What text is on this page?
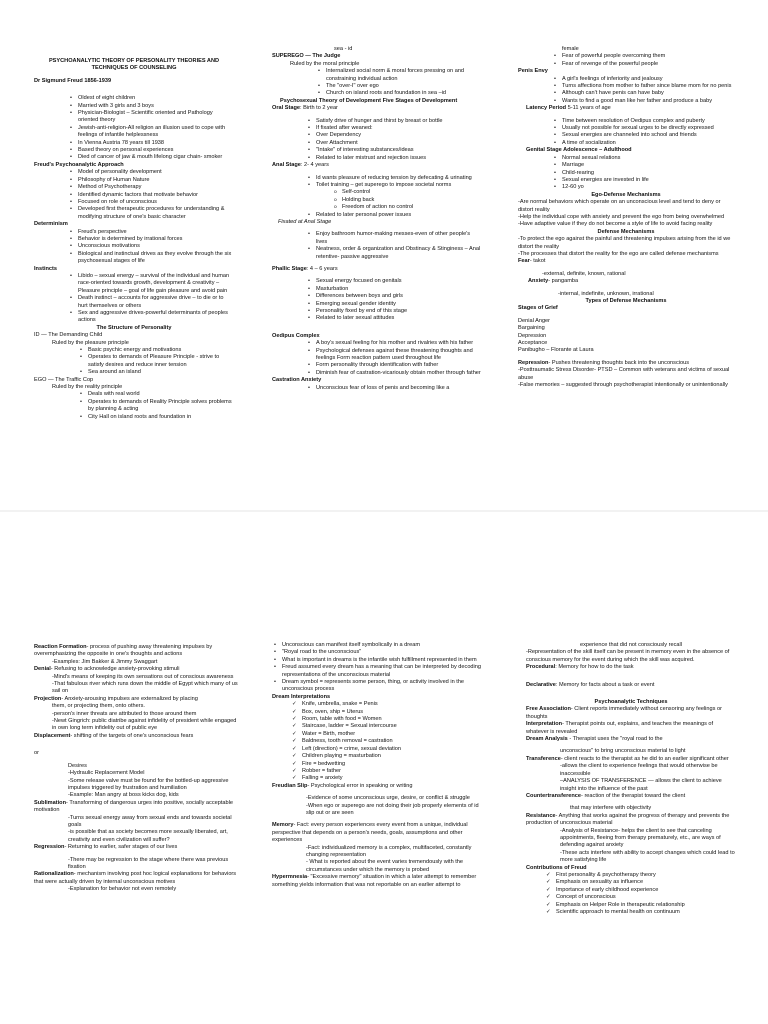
PSYCHOANALYTIC THEORY OF PERSONALITY THEORIES AND TECHNIQUES OF COUNSELING
Dr Sigmund Freud 1856-1939
• Oldest of eight children
• Married with 3 girls and 3 boys
• Physician-Biologist – Scientific oriented and Pathology oriented theory
• Jewish-anti-religion-All religion an illusion used to cope with feelings of infantile helplessness
• In Vienna Austria 78 years till 1938
• Based theory on personal experiences
• Died of cancer of jaw & mouth lifelong cigar chain- smoker
Freud's Psychoanalytic Approach
• Model of personality development
• Philosophy of Human Nature
• Method of Psychotherapy
• Identified dynamic factors that motivate behavior
• Focused on role of unconscious
• Developed first therapeutic procedures for understanding & modifying structure of one's basic character
Determinism
• Freud's perspective
• Behavior is determined by irrational forces
• Unconscious motivations
• Biological and instinctual drives as they evolve through the six psychosexual stages of life
Instincts
• Libido – sexual energy – survival of the individual and human race-oriented towards growth, development & creativity – Pleasure principle – goal of life gain pleasure and avoid pain
• Death instinct – accounts for aggressive drive – to die or to hurt themselves or others
• Sex and aggressive drives-powerful determinants of peoples actions
The Structure of Personality
ID — The Demanding Child
Ruled by the pleasure principle
• Basic psychic energy and motivations
• Operates to demands of Pleasure Principle - strive to satisfy desires and reduce inner tension
• Sea around an island
EGO — The Traffic Cop
Ruled by the reality principle
• Deals with real world
• Operates to demands of Reality Principle solves problems by planning & acting
• City Hall on island roots and foundation in
sea - id
SUPEREGO — The Judge
Ruled by the moral principle
• Internalized social norm & moral forces pressing on and constraining individual action
• The "over-I" over ego
• Church on island roots and foundation in sea –id
Psychosexual Theory of Development Five Stages of Development
Oral Stage: Birth to 2 year
• Satisfy drive of hunger and thirst by breast or bottle
• If fixated after weaned:
• Over Dependency
• Over Attachment
• "Intake" of interesting substances/ideas
• Related to later mistrust and rejection issues
Anal Stage: 2- 4 years
• Id wants pleasure of reducing tension by defecating & urinating
• Toilet training – get superego to impose societal norms
o Self-control
o Holding back
o Freedom of action no control
• Related to later personal power issues
Fixated at Anal Stage
• Enjoy bathroom humor-making messes-even of other people's lives
• Neatness, order & organization and Obstinacy & Stinginess – Anal retentive- passive aggressive
Phallic Stage: 4 – 6 years
• Sexual energy focused on genitals
• Masturbation
• Differences between boys and girls
• Emerging sexual gender identity
• Personality fixed by end of this stage
• Related to later sexual attitudes
Oedipus Complex
• A boy's sexual feeling for his mother and rivalries with his father
• Psychological defenses against these threatening thoughts and feelings Form reaction pattern used throughout life
• Form personality through identification with father
• Diminish fear of castration-vicariously obtain mother through father
Castration Anxiety
• Unconscious fear of loss of penis and becoming like a
female
• Fear of powerful people overcoming them
• Fear of revenge of the powerful people
Penis Envy
• A girl's feelings of inferiority and jealousy
• Turns affections from mother to father since blame mom for no penis
• Although can't have penis can have baby
• Wants to find a good man like her father and produce a baby
Latency Period 5-11 years of age
• Time between resolution of Oedipus complex and puberty
• Usually not possible for sexual urges to be directly expressed
• Sexual energies are channeled into school and friends
• A time of socialization
Genital Stage Adolescence – Adulthood
• Normal sexual relations
• Marriage
• Child-rearing
• Sexual energies are invested in life
• 12-60 yo
Ego-Defense Mechanisms
-Are normal behaviors which operate on an unconscious level and tend to deny or distort reality
-Help the individual cope with anxiety and prevent the ego from being overwhelmed
-Have adaptive value if they do not become a style of life to avoid facing reality
Defense Mechanisms
-To protect the ego against the painful and threatening impulses arising from the id we distort the reality
-The processes that distort the reality for the ego are called defense mechanisms
Fear- takot
-external, definite, known, rational
Anxiety- pangamba
-internal, indefinite, unknown, irrational
Types of Defense Mechanisms
Stages of Grief
Denial Anger
Bargaining
Depression
Acceptance
Panibugho – Florante at Laura
Repression- Pushes threatening thoughts back into the unconscious
-Posttraumatic Stress Disorder- PTSD – Common with veterans and victims of sexual abuse
-False memories – suggested through psychotherapist intentionally or unintentionally
Reaction Formation- process of pushing away threatening impulses by overemphasizing the opposite in one's thoughts and actions
-Examples: Jim Bakker & Jimmy Swaggart
Denial- Refusing to acknowledge anxiety-provoking stimuli
-Mind's means of keeping its own sensations out of conscious awareness
-That fabulous river which runs down the middle of Egypt which many of us sail on
Projection- Anxiety-arousing impulses are externalized by placing
them, or projecting them, onto others.
-person's inner threats are attributed to those around them
-Newt Gingrich: public diatribe against infidelity of president while engaged in own long term infidelity out of public eye
Displacement- shifting of the targets of one's unconscious fears
or
Desires
-Hydraulic Replacement Model
-Some release valve must be found for the bottled-up aggressive impulses triggered by frustration and humiliation
-Example: Man angry at boss kicks dog, kids
Sublimation- Transforming of dangerous urges into positive, socially acceptable motivation
-Turns sexual energy away from sexual ends and towards societal goals
-is possible that as society becomes more sexually liberated, art, creativity and even civilization will suffer?
Regression- Returning to earlier, safer stages of our lives
-There may be regression to the stage where there was previous fixation
Rationalization- mechanism involving post hoc logical explanations for behaviors that were actually driven by internal unconscious motives
-Explanation for behavior not even remotely
• Unconscious can manifest itself symbolically in a dream
• "Royal road to the unconscious"
• What is important in dreams is the infantile wish fulfillment represented in them
• Freud assumed every dream has a meaning that can be interpreted by decoding representations of the unconscious material
• Dream symbol = represents some person, thing, or activity involved in the unconscious process
Dream Interpretations
✓ Knife, umbrella, snake = Penis
✓ Box, oven, ship = Uterus
✓ Room, table with food = Women
✓ Staircase, ladder = Sexual intercourse
✓ Water = Birth, mother
✓ Baldness, tooth removal = castration
✓ Left (direction) = crime, sexual deviation
✓ Children playing = masturbation
✓ Fire = bedwetting
✓ Robber = father
✓ Falling = anxiety
Freudian Slip- Psychological error in speaking or writing
-Evidence of some unconscious urge, desire, or conflict & struggle
-When ego or superego are not doing their job properly elements of id slip out or are seen
Memory- Fact: every person experiences every event from a unique, individual perspective that depends on a person's needs, goals, assumptions and other experiences
-Fact: individualized memory is a complex, multifaceted, constantly changing representation
- What is reported about the event varies tremendously with the circumstances under which the memory is probed
Hypermnesia- "Excessive memory" situation in which a later attempt to remember something yields information that was not reportable on an earlier attempt to
experience that did not consciously recall
-Representation of the skill itself can be present in memory even in the absence of conscious memory for the event during which the skill was acquired.
Procedural: Memory for how to do the task
Declarative: Memory for facts about a task or event
Psychoanalytic Techniques
Free Association- Client reports immediately without censoring any feelings or thoughts
Interpretation- Therapist points out, explains, and teaches the meanings of whatever is revealed
Dream Analysis - Therapist uses the "royal road to the
unconscious" to bring unconscious material to light
Transference- client reacts to the therapist as he did to an earlier significant other
-allows the client to experience feelings that would otherwise be inaccessible
–ANALYSIS OF TRANSFERENCE — allows the client to achieve insight into the influence of the past
Countertransference- reaction of the therapist toward the client
that may interfere with objectivity
Resistance- Anything that works against the progress of therapy and prevents the production of unconscious material
-Analysis of Resistance- helps the client to see that canceling appointments, fleeing from therapy prematurely, etc., are ways of defending against anxiety
-These acts interfere with ability to accept changes which could lead to more satisfying life
Contributions of Freud
✓ First personality & psychotherapy theory
✓ Emphasis on sexuality as influence
✓ Importance of early childhood experience
✓ Concept of unconscious
✓ Emphasis on Helper Role in therapeutic relationship
✓ Scientific approach to mental health on continuum
